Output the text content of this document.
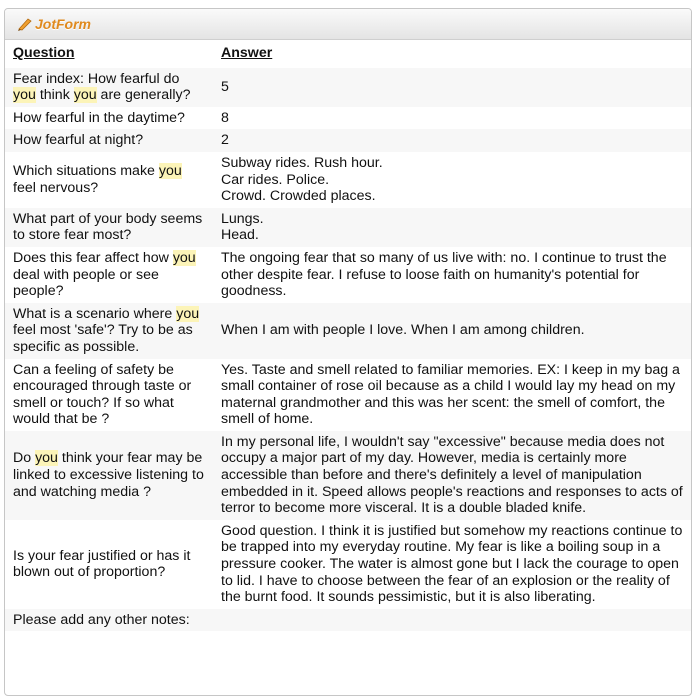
JotForm
Question	Answer
Fear index: How fearful do you think you are generally?	5
How fearful in the daytime?	8
How fearful at night?	2
Which situations make you feel nervous?	Subway rides. Rush hour.
Car rides. Police.
Crowd. Crowded places.
What part of your body seems to store fear most?	Lungs.
Head.
Does this fear affect how you deal with people or see people?	The ongoing fear that so many of us live with: no. I continue to trust the other despite fear. I refuse to loose faith on humanity's potential for goodness.
What is a scenario where you feel most 'safe'? Try to be as specific as possible.	When I am with people I love. When I am among children.
Can a feeling of safety be encouraged through taste or smell or touch? If so what would that be ?	Yes. Taste and smell related to familiar memories. EX: I keep in my bag a small container of rose oil because as a child I would lay my head on my maternal grandmother and this was her scent: the smell of comfort, the smell of home.
Do you think your fear may be linked to excessive listening to and watching media ?	In my personal life, I wouldn't say "excessive" because media does not occupy a major part of my day. However, media is certainly more accessible than before and there's definitely a level of manipulation embedded in it. Speed allows people's reactions and responses to acts of terror to become more visceral. It is a double bladed knife.
Is your fear justified or has it blown out of proportion?	Good question. I think it is justified but somehow my reactions continue to be trapped into my everyday routine. My fear is like a boiling soup in a pressure cooker. The water is almost gone but I lack the courage to open to lid. I have to choose between the fear of an explosion or the reality of the burnt food. It sounds pessimistic, but it is also liberating.
Please add any other notes:	
